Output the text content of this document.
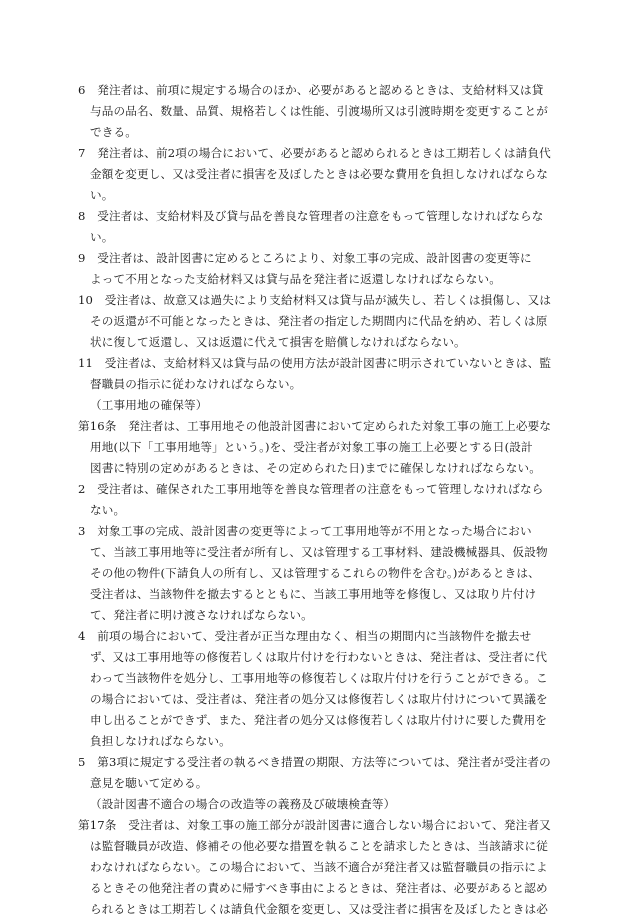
6　発注者は、前項に規定する場合のほか、必要があると認めるときは、支給材料又は貸
与品の品名、数量、品質、規格若しくは性能、引渡場所又は引渡時期を変更することが
できる。
7　発注者は、前2項の場合において、必要があると認められるときは工期若しくは請負代
金額を変更し、又は受注者に損害を及ぼしたときは必要な費用を負担しなければならな
い。
8　受注者は、支給材料及び貸与品を善良な管理者の注意をもって管理しなければならな
い。
9　受注者は、設計図書に定めるところにより、対象工事の完成、設計図書の変更等に
よって不用となった支給材料又は貸与品を発注者に返還しなければならない。
10　受注者は、故意又は過失により支給材料又は貸与品が滅失し、若しくは損傷し、又は
その返還が不可能となったときは、発注者の指定した期間内に代品を納め、若しくは原
状に復して返還し、又は返還に代えて損害を賠償しなければならない。
11　受注者は、支給材料又は貸与品の使用方法が設計図書に明示されていないときは、監
督職員の指示に従わなければならない。
（工事用地の確保等）
第16条　発注者は、工事用地その他設計図書において定められた対象工事の施工上必要な
用地(以下「工事用地等」という。)を、受注者が対象工事の施工上必要とする日(設計
図書に特別の定めがあるときは、その定められた日)までに確保しなければならない。
2　受注者は、確保された工事用地等を善良な管理者の注意をもって管理しなければなら
ない。
3　対象工事の完成、設計図書の変更等によって工事用地等が不用となった場合におい
て、当該工事用地等に受注者が所有し、又は管理する工事材料、建設機械器具、仮設物
その他の物件(下請負人の所有し、又は管理するこれらの物件を含む。)があるときは、
受注者は、当該物件を撤去するとともに、当該工事用地等を修復し、又は取り片付け
て、発注者に明け渡さなければならない。
4　前項の場合において、受注者が正当な理由なく、相当の期間内に当該物件を撤去せ
ず、又は工事用地等の修復若しくは取片付けを行わないときは、発注者は、受注者に代
わって当該物件を処分し、工事用地等の修復若しくは取片付けを行うことができる。こ
の場合においては、受注者は、発注者の処分又は修復若しくは取片付けについて異議を
申し出ることができず、また、発注者の処分又は修復若しくは取片付けに要した費用を
負担しなければならない。
5　第3項に規定する受注者の執るべき措置の期限、方法等については、発注者が受注者の
意見を聴いて定める。
（設計図書不適合の場合の改造等の義務及び破壊検査等）
第17条　受注者は、対象工事の施工部分が設計図書に適合しない場合において、発注者又
は監督職員が改造、修補その他必要な措置を執ることを請求したときは、当該請求に従
わなければならない。この場合において、当該不適合が発注者又は監督職員の指示によ
るときその他発注者の責めに帰すべき事由によるときは、発注者は、必要があると認め
られるときは工期若しくは請負代金額を変更し、又は受注者に損害を及ぼしたときは必
